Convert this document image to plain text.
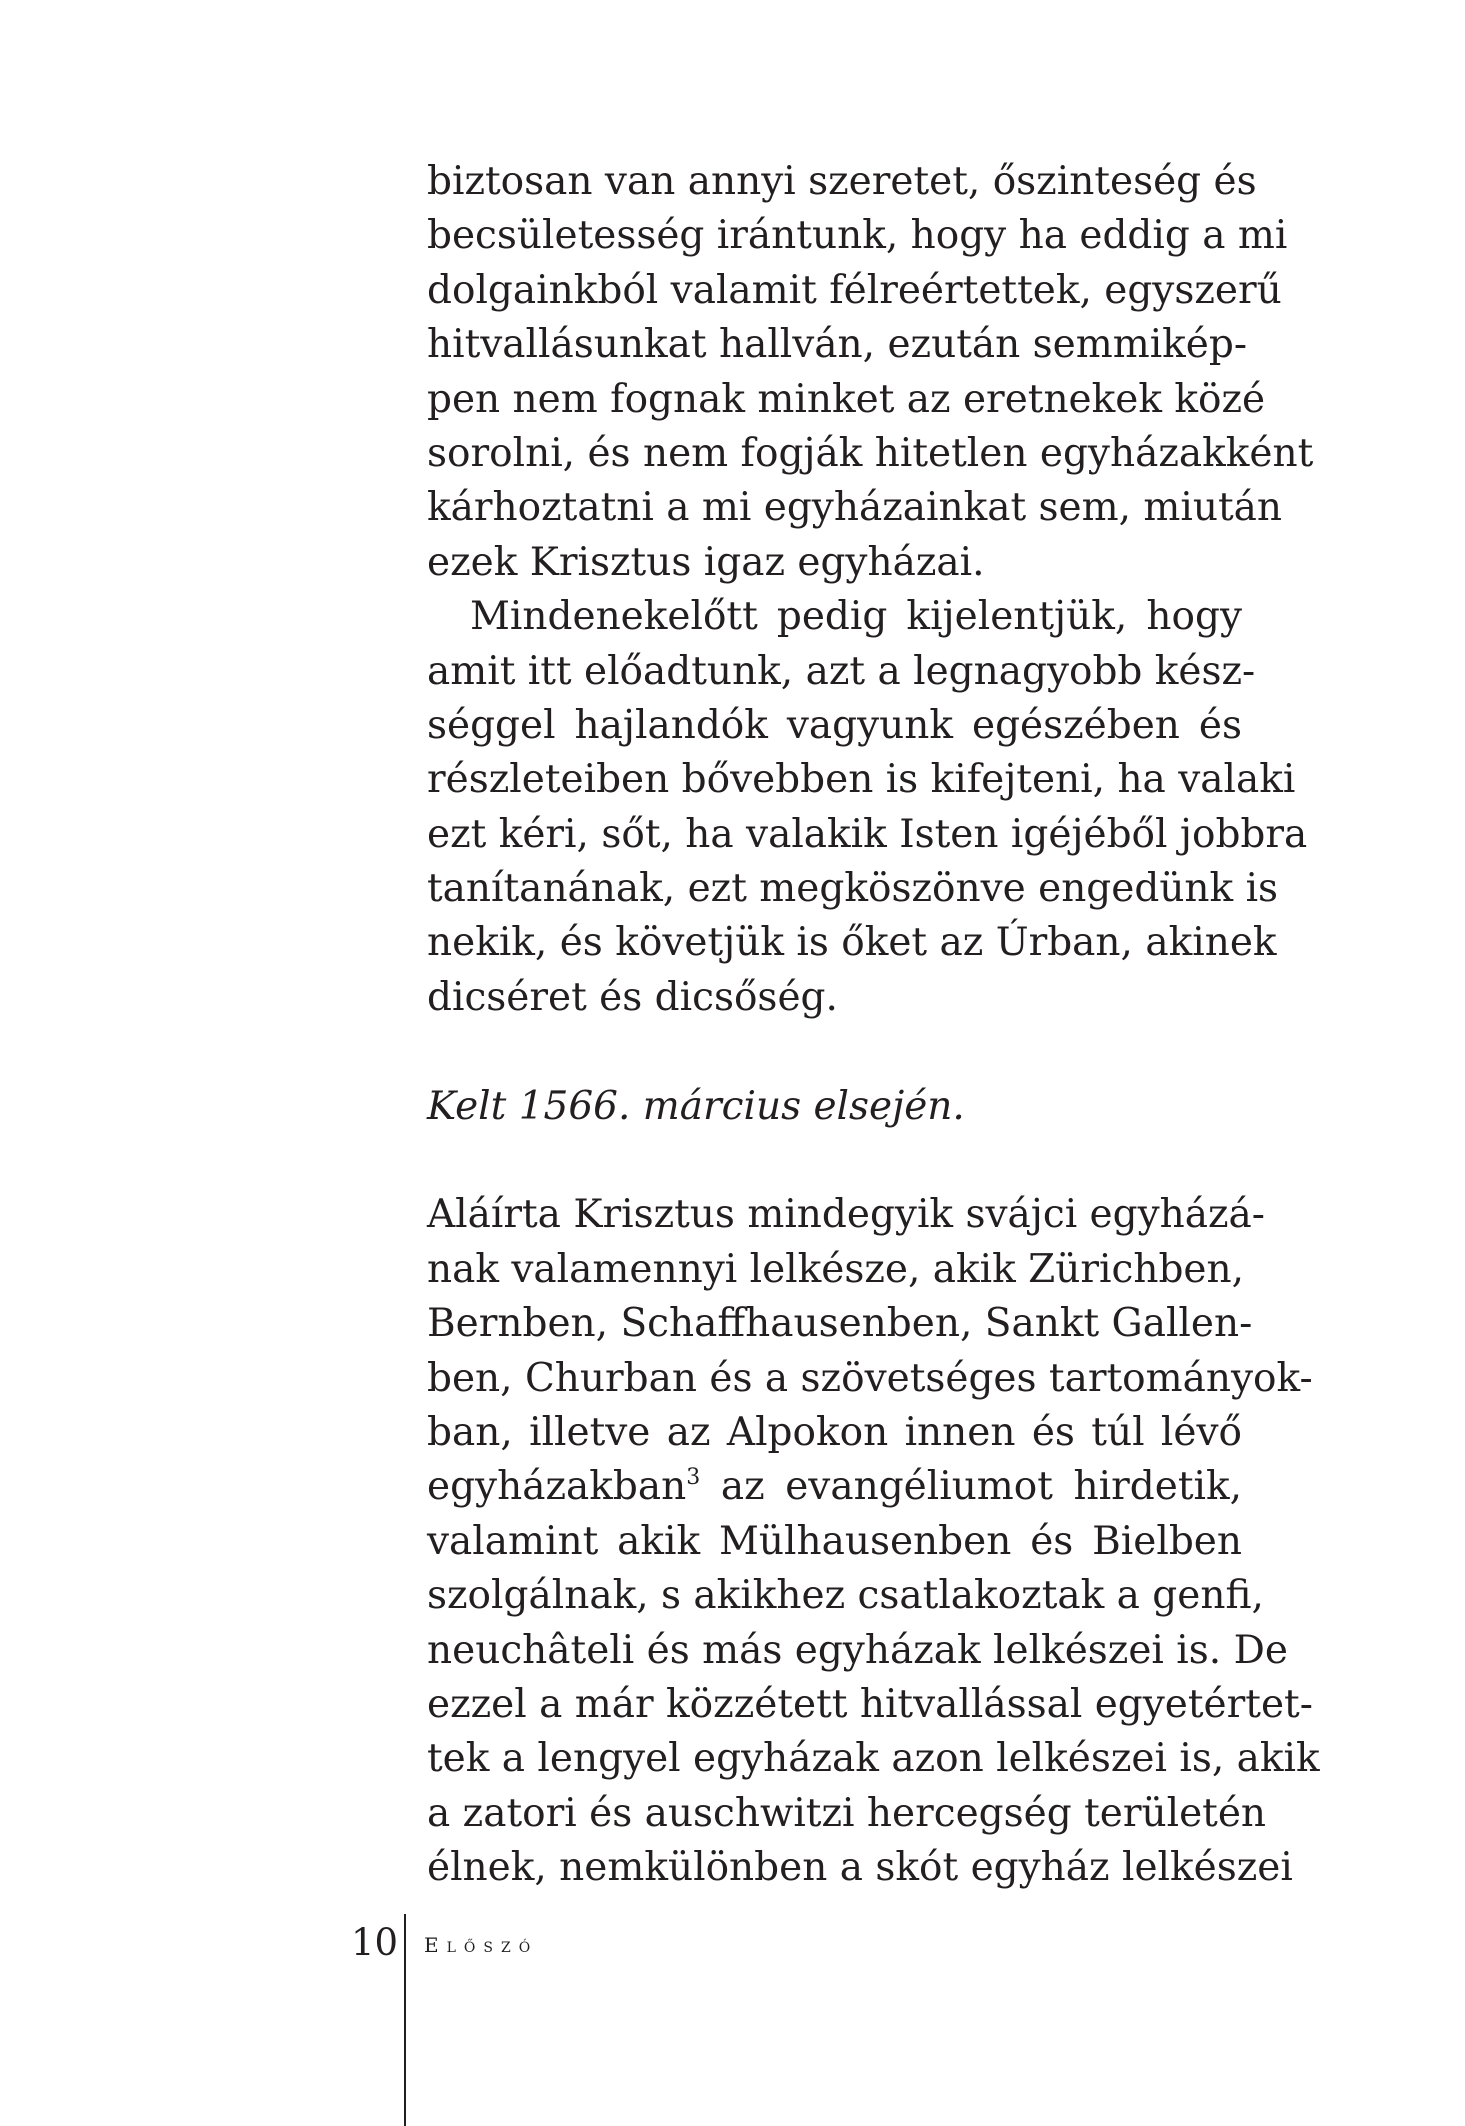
biztosan van annyi szeretet, őszinteség és
becsületesség irántunk, hogy ha eddig a mi
dolgainkból valamit félreértettek, egyszerű
hitvallásunkat hallván, ezután semmikép-
pen nem fognak minket az eretnekek közé
sorolni, és nem fogják hitetlen egyházakként
kárhoztatni a mi egyházainkat sem, miután
ezek Krisztus igaz egyházai.
Mindenekelőtt pedig kijelentjük, hogy
amit itt előadtunk, azt a legnagyobb kész-
séggel hajlandók vagyunk egészében és
részleteiben bővebben is kifejteni, ha valaki
ezt kéri, sőt, ha valakik Isten igéjéből jobbra
tanítanának, ezt megköszönve engedünk is
nekik, és követjük is őket az Úrban, akinek
dicséret és dicsőség.
Kelt 1566. március elsején.
Aláírta Krisztus mindegyik svájci egyházá-
nak valamennyi lelkésze, akik Zürichben,
Bernben, Schaffhausenben, Sankt Gallen-
ben, Churban és a szövetséges tartományok-
ban, illetve az Alpokon innen és túl lévő
egyházakban$^3$ az evangéliumot hirdetik,
valamint akik Mülhausenben és Bielben
szolgálnak, s akikhez csatlakoztak a genfi,
neuchâteli és más egyházak lelkészei is. De
ezzel a már közzétett hitvallással egyetértet-
tek a lengyel egyházak azon lelkészei is, akik
a zatori és auschwitzi hercegség területén
élnek, nemkülönben a skót egyház lelkészei
10 Előszó
